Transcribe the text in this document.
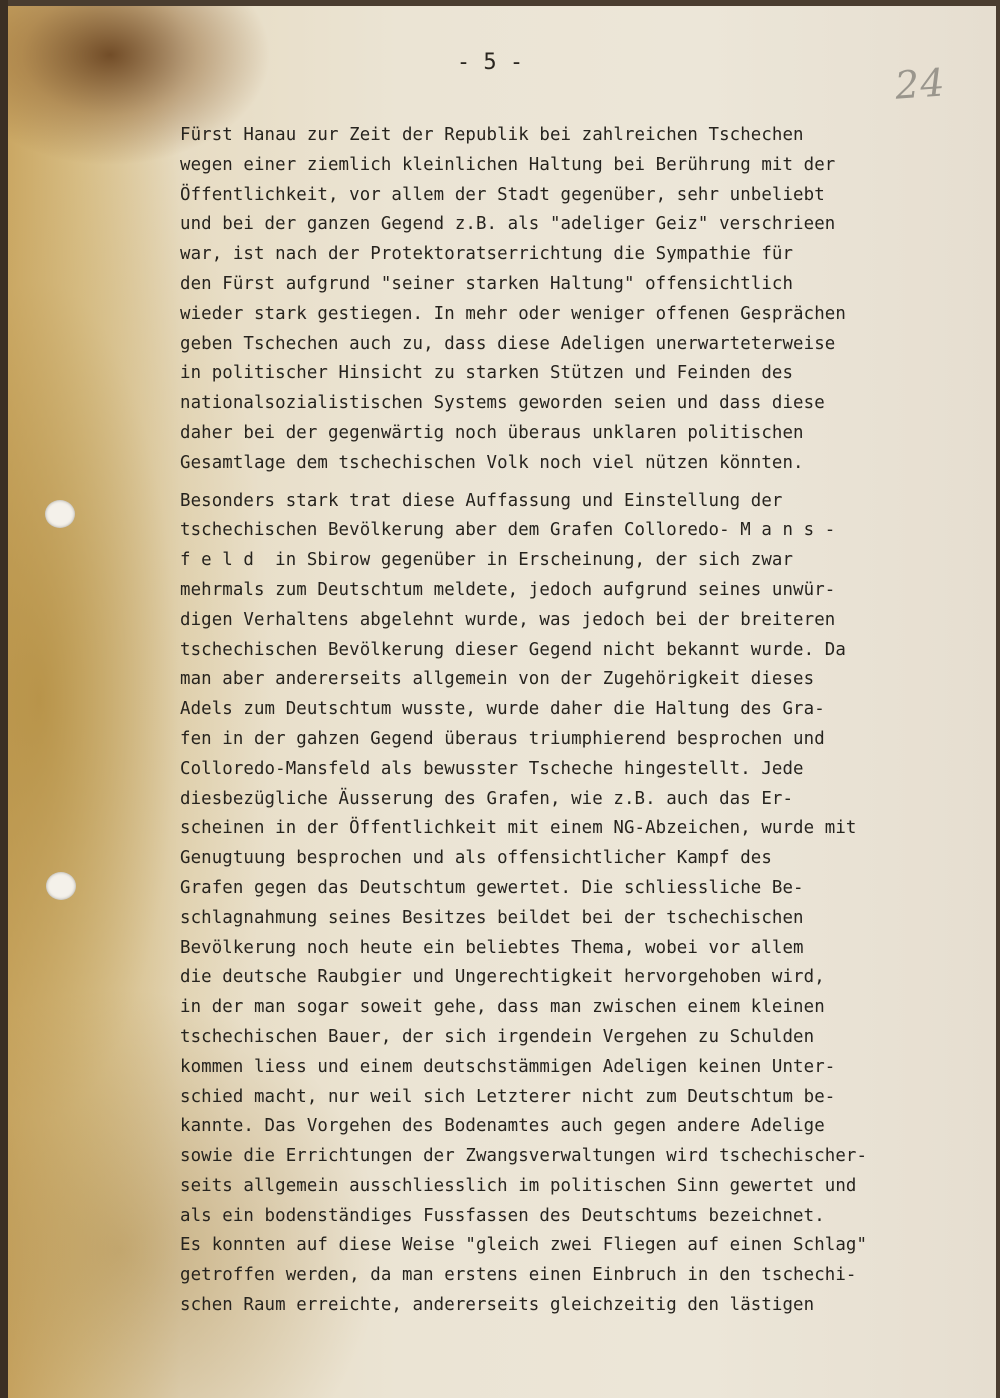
- 5 -	24
Fürst Hanau zur Zeit der Republik bei zahlreichen Tschechen
wegen einer ziemlich kleinlichen Haltung bei Berührung mit der
Öffentlichkeit, vor allem der Stadt gegenüber, sehr unbeliebt
und bei der ganzen Gegend z.B. als "adeliger Geiz" verschrieen
war, ist nach der Protektoratserrichtung die Sympathie für
den Fürst aufgrund "seiner starken Haltung" offensichtlich
wieder stark gestiegen. In mehr oder weniger offenen Gesprächen
geben Tschechen auch zu, dass diese Adeligen unerwarteterweise
in politischer Hinsicht zu starken Stützen und Feinden des
nationalsozialistischen Systems geworden seien und dass diese
daher bei der gegenwärtig noch überaus unklaren politischen
Gesamtlage dem tschechischen Volk noch viel nützen könnten.
Besonders stark trat diese Auffassung und Einstellung der
tschechischen Bevölkerung aber dem Grafen Colloredo- M a n s -
f e l d  in Sbirow gegenüber in Erscheinung, der sich zwar
mehrmals zum Deutschtum meldete, jedoch aufgrund seines unwür-
digen Verhaltens abgelehnt wurde, was jedoch bei der breiteren
tschechischen Bevölkerung dieser Gegend nicht bekannt wurde. Da
man aber andererseits allgemein von der Zugehörigkeit dieses
Adels zum Deutschtum wusste, wurde daher die Haltung des Gra-
fen in der gahzen Gegend überaus triumphierend besprochen und
Colloredo-Mansfeld als bewusster Tscheche hingestellt. Jede
diesbezügliche Äusserung des Grafen, wie z.B. auch das Er-
scheinen in der Öffentlichkeit mit einem NG-Abzeichen, wurde mit
Genugtuung besprochen und als offensichtlicher Kampf des
Grafen gegen das Deutschtum gewertet. Die schliessliche Be-
schlagnahmung seines Besitzes beildet bei der tschechischen
Bevölkerung noch heute ein beliebtes Thema, wobei vor allem
die deutsche Raubgier und Ungerechtigkeit hervorgehoben wird,
in der man sogar soweit gehe, dass man zwischen einem kleinen
tschechischen Bauer, der sich irgendein Vergehen zu Schulden
kommen liess und einem deutschstämmigen Adeligen keinen Unter-
schied macht, nur weil sich Letzterer nicht zum Deutschtum be-
kannte. Das Vorgehen des Bodenamtes auch gegen andere Adelige
sowie die Errichtungen der Zwangsverwaltungen wird tschechischer-
seits allgemein ausschliesslich im politischen Sinn gewertet und
als ein bodenständiges Fussfassen des Deutschtums bezeichnet.
Es konnten auf diese Weise "gleich zwei Fliegen auf einen Schlag"
getroffen werden, da man erstens einen Einbruch in den tschechi-
schen Raum erreichte, andererseits gleichzeitig den lästigen
